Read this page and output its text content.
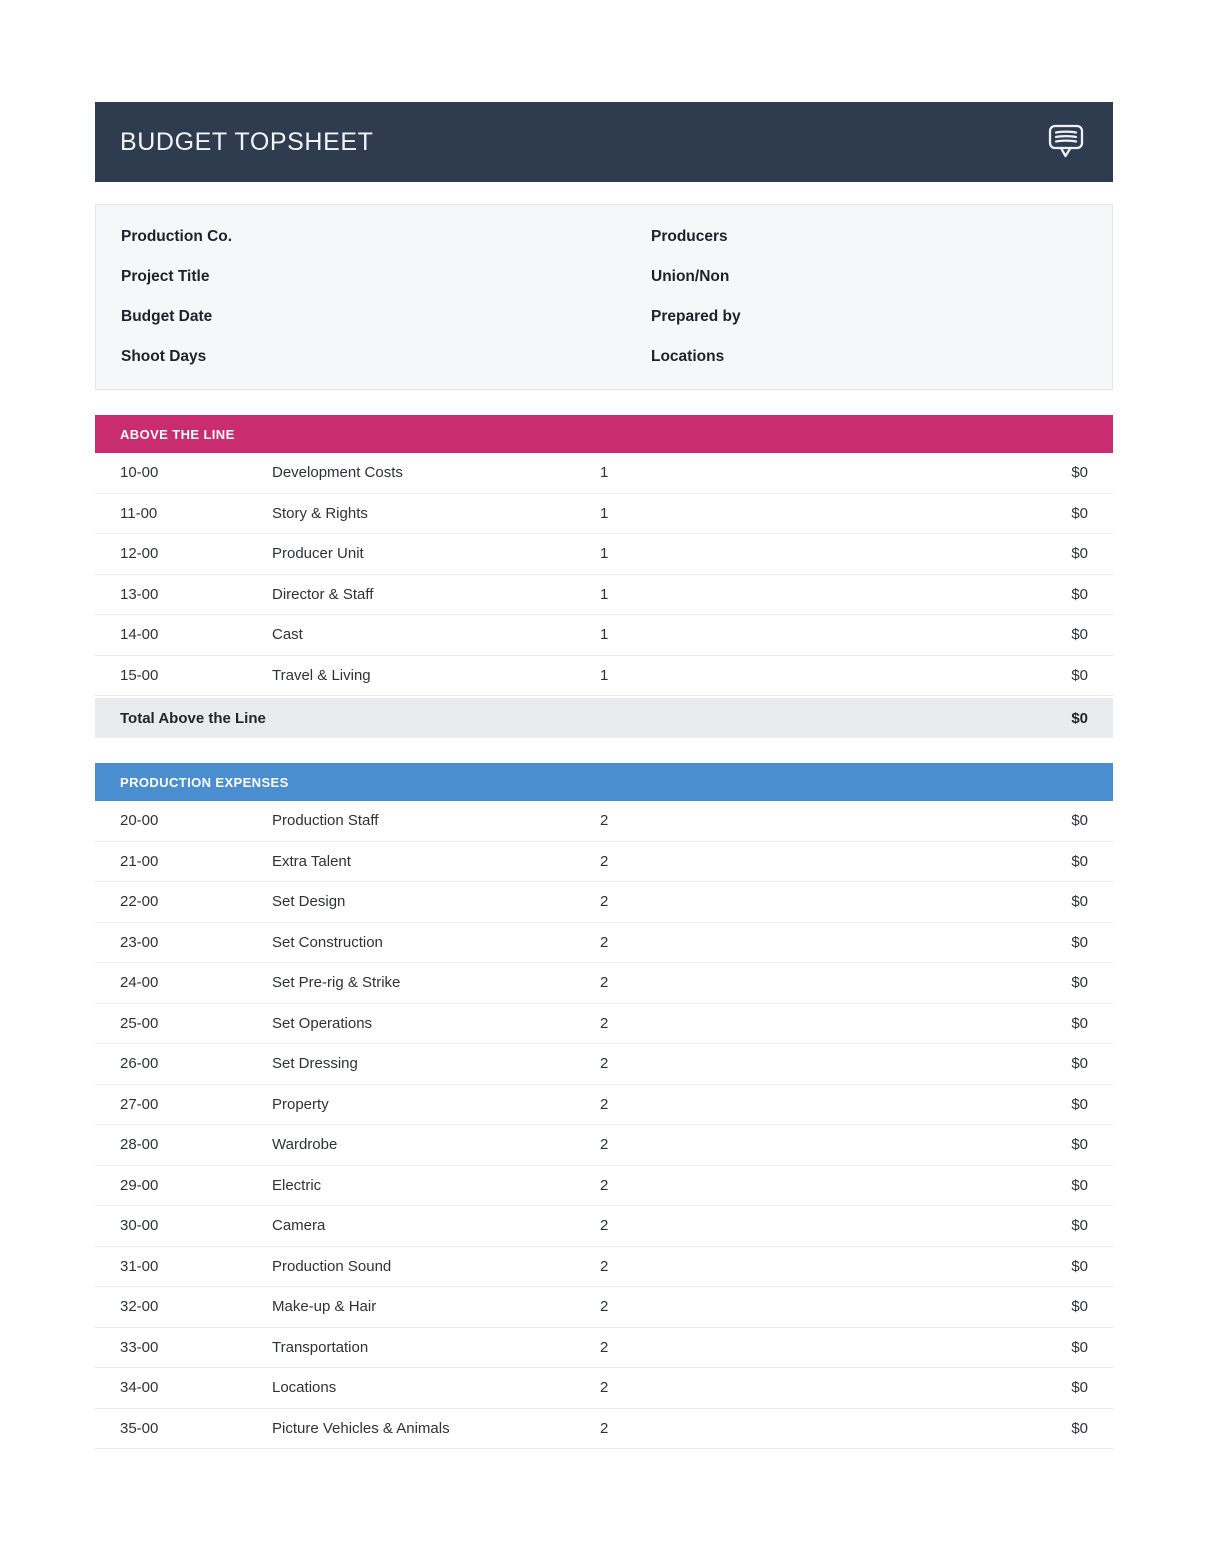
BUDGET TOPSHEET
Production Co.
Project Title
Budget Date
Shoot Days
Producers
Union/Non
Prepared by
Locations
ABOVE THE LINE
10-00	Development Costs	1	$0
11-00	Story & Rights	1	$0
12-00	Producer Unit	1	$0
13-00	Director & Staff	1	$0
14-00	Cast	1	$0
15-00	Travel & Living	1	$0
Total Above the Line	$0
PRODUCTION EXPENSES
20-00	Production Staff	2	$0
21-00	Extra Talent	2	$0
22-00	Set Design	2	$0
23-00	Set Construction	2	$0
24-00	Set Pre-rig & Strike	2	$0
25-00	Set Operations	2	$0
26-00	Set Dressing	2	$0
27-00	Property	2	$0
28-00	Wardrobe	2	$0
29-00	Electric	2	$0
30-00	Camera	2	$0
31-00	Production Sound	2	$0
32-00	Make-up & Hair	2	$0
33-00	Transportation	2	$0
34-00	Locations	2	$0
35-00	Picture Vehicles & Animals	2	$0
